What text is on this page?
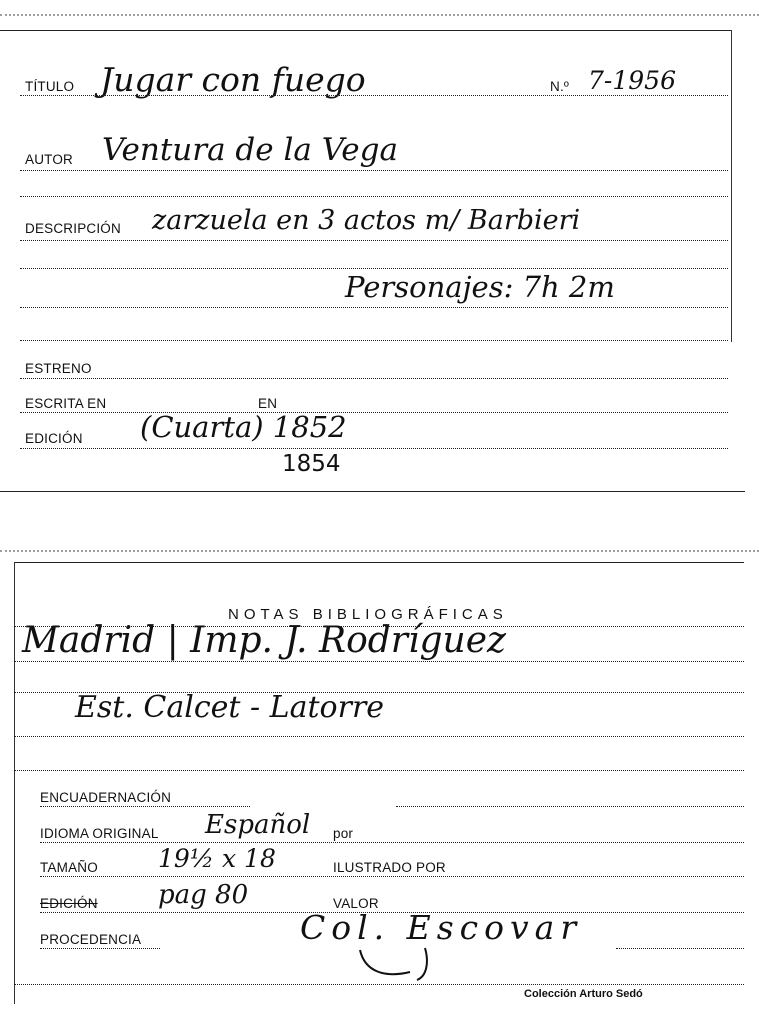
TÍTULO Jugar con fuego	N.º 7-1956
AUTOR Ventura de la Vega
DESCRIPCIÓN zarzuela en 3 actos m/ Barbieri
Personajes: 7h 2m
ESTRENO
ESCRITA EN	EN
EDICIÓN (Cuarta) 1852
1854
NOTAS BIBLIOGRÁFICAS
Madrid | Imp. J. Rodríguez
Est. Calcet - Latorre
ENCUADERNACIÓN
IDIOMA ORIGINAL Español por
TAMAÑO 19½ x 18	ILUSTRADO POR
EDICIÓN pag 80	VALOR
PROCEDENCIA	Col. Escovar
Colección Arturo Sedó
